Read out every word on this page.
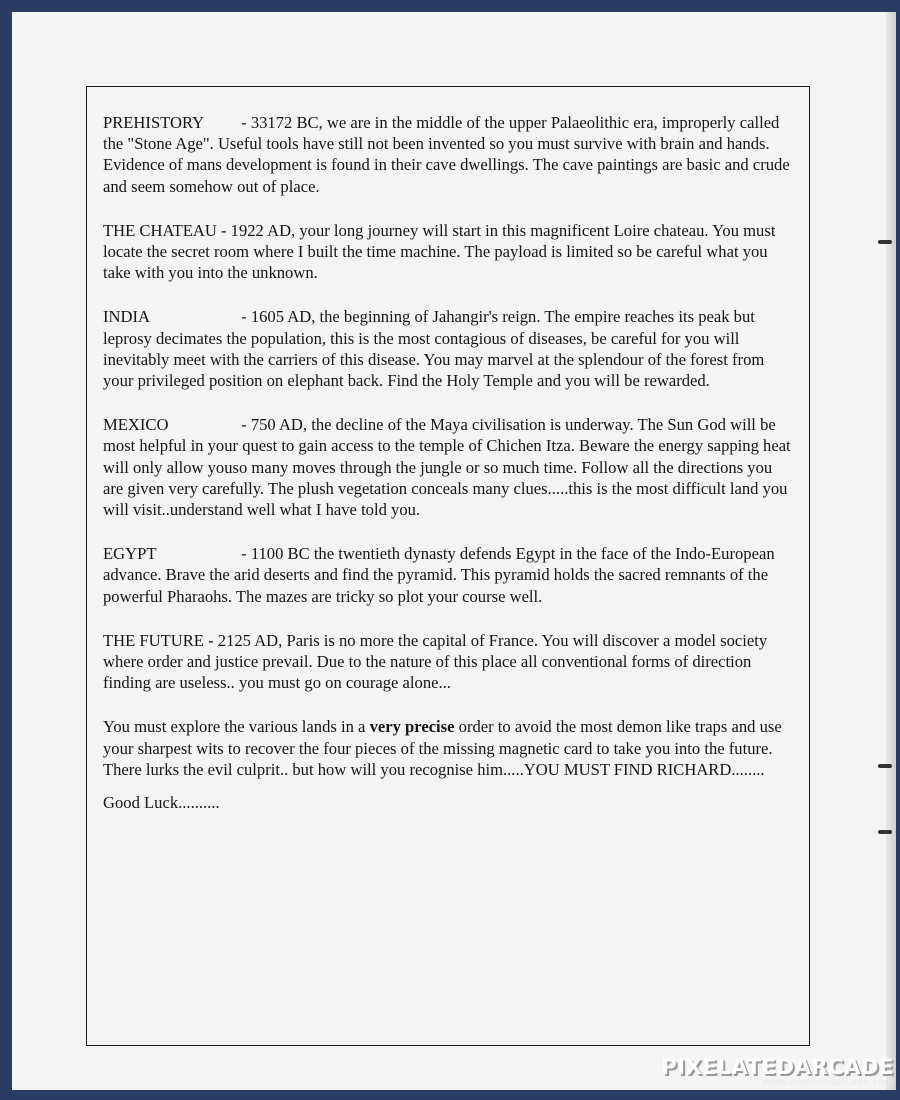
PREHISTORY - 33172 BC, we are in the middle of the upper Palaeolithic era, improperly called the "Stone Age". Useful tools have still not been invented so you must survive with brain and hands. Evidence of mans development is found in their cave dwellings. The cave paintings are basic and crude and seem somehow out of place.
THE CHATEAU - 1922 AD, your long journey will start in this magnificent Loire chateau. You must locate the secret room where I built the time machine. The payload is limited so be careful what you take with you into the unknown.
INDIA	- 1605 AD, the beginning of Jahangir's reign. The empire reaches its peak but leprosy decimates the population, this is the most contagious of diseases, be careful for you will inevitably meet with the carriers of this disease. You may marvel at the splendour of the forest from your privileged position on elephant back. Find the Holy Temple and you will be rewarded.
MEXICO	- 750 AD, the decline of the Maya civilisation is underway. The Sun God will be most helpful in your quest to gain access to the temple of Chichen Itza. Beware the energy sapping heat will only allow youso many moves through the jungle or so much time. Follow all the directions you are given very carefully. The plush vegetation conceals many clues.....this is the most difficult land you will visit..understand well what I have told you.
EGYPT	- 1100 BC the twentieth dynasty defends Egypt in the face of the Indo-European advance. Brave the arid deserts and find the pyramid. This pyramid holds the sacred remnants of the powerful Pharaohs. The mazes are tricky so plot your course well.
THE FUTURE - 2125 AD, Paris is no more the capital of France. You will discover a model society where order and justice prevail. Due to the nature of this place all conventional forms of direction finding are useless.. you must go on courage alone...
You must explore the various lands in a very precise order to avoid the most demon like traps and use your sharpest wits to recover the four pieces of the missing magnetic card to take you into the future. There lurks the evil culprit.. but how will you recognise him.....YOU MUST FIND RICHARD........
Good Luck..........
PIXELATEDARCADE
www.pixelatedarcade.com
